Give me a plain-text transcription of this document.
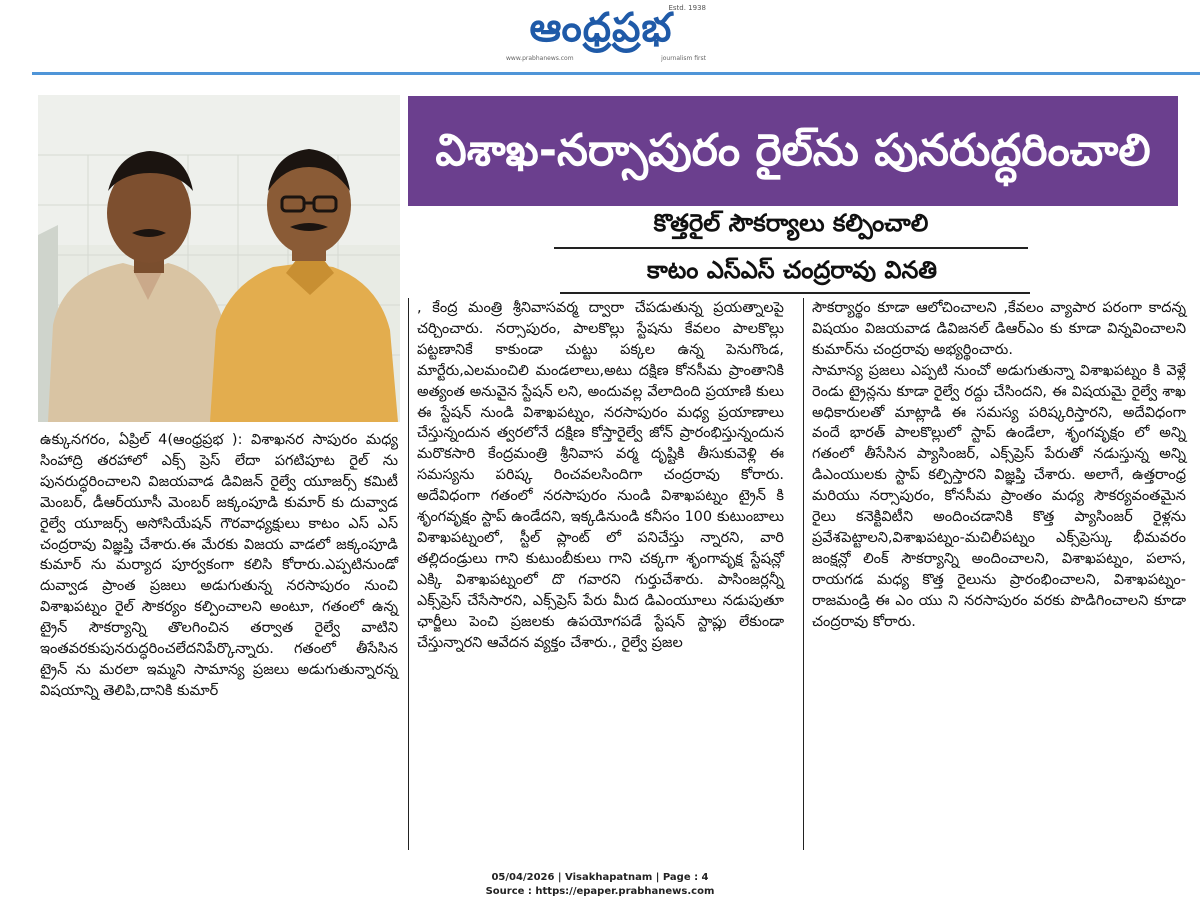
Estd. 1938
ఆంధ్రప్రభ
www.prabhanews.com	journalism first
విశాఖ-నర్సాపురం రైల్‌ను పునరుద్ధరించాలి
కొత్తరైల్ సౌకర్యాలు కల్పించాలి
కాటం ఎస్ఎస్ చంద్రరావు వినతి
ఉక్కునగరం, ఏప్రిల్ 4(ఆంధ్రప్రభ ): విశాఖనర సాపురం మధ్య సింహాద్రి తరహాలో ఎక్స్ ప్రెస్ లేదా పగటిపూట రైల్ ను పునరుద్ధరించాలని విజయవాడ డివిజన్ రైల్వే యూజర్స్ కమిటీ మెంబర్, డీఆర్‌యూసీ మెంబర్ జక్కంపూడి కుమార్ కు దువ్వాడ రైల్వే యూజర్స్ అసోసియేషన్ గౌరవాధ్యక్షులు కాటం ఎస్ ఎస్ చంద్రరావు విజ్ఞప్తి చేశారు.ఈ మేరకు విజయ వాడలో జక్కంపూడి కుమార్ ను మర్యాద పూర్వకంగా కలిసి కోరారు.ఎప్పటినుండో దువ్వాడ ప్రాంత ప్రజలు అడుగుతున్న నరసాపురం నుంచి విశాఖపట్నం రైల్ సౌకర్యం కల్పించాలని అంటూ, గతంలో ఉన్న ట్రైన్ సౌకర్యాన్ని తొలగించిన తర్వాత రైల్వే వాటిని ఇంతవరకుపునరుద్ధరించలేదనిపేర్కొన్నారు. గతంలో తీసేసిన ట్రైన్ ను మరలా ఇమ్మని సామాన్య ప్రజలు అడుగుతున్నారన్న విషయాన్ని తెలిపి,దానికి కుమార్
, కేంద్ర మంత్రి శ్రీనివాసవర్మ ద్వారా చేపడుతున్న ప్రయత్నాలపై చర్చించారు. నర్సాపురం, పాలకొల్లు స్టేషను కేవలం పాలకొల్లు పట్టణానికే కాకుండా చుట్టు పక్కల ఉన్న పెనుగొండ, మార్టేరు,ఎలమంచిలి మండలాలు,అటు దక్షిణ కోనసీమ ప్రాంతానికి అత్యంత అనువైన స్టేషన్ లని, అందువల్ల వేలాదింది ప్రయాణి కులు ఈ స్టేషన్ నుండి విశాఖపట్నం, నరసాపురం మధ్య ప్రయాణాలు చేస్తున్నందున త్వరలోనే దక్షిణ కోస్తారైల్వే జోన్ ప్రారంభిస్తున్నందున మరొకసారి కేంద్రమంత్రి శ్రీనివాస వర్మ దృష్టికి తీసుకువెళ్లి ఈ సమస్యను పరిష్క రించవలసిందిగా చంద్రరావు కోరారు. అదేవిధంగా గతంలో నరసాపురం నుండి విశాఖపట్నం ట్రైన్ కి శృంగవృక్షం స్టాప్ ఉండేదని, ఇక్కడినుండి కనీసం 100 కుటుంబాలు విశాఖపట్నంలో, స్టీల్ ప్లాంట్ లో పనిచేస్తు న్నారని, వారి తల్లిదండ్రులు గాని కుటుంబీకులు గాని చక్కగా శృంగావృక్ష స్టేషన్లో ఎక్కి విశాఖపట్నంలో దొ గవారని గుర్తుచేశారు. పాసింజర్లన్నీ ఎక్స్‌ప్రెస్ చేసేసారని, ఎక్స్‌ప్రెస్ పేరు మీద డిఎంయూలు నడుపుతూ ఛార్జీలు పెంచి ప్రజలకు ఉపయోగపడే స్టేషన్ స్టాప్లు లేకుండా చేస్తున్నారని ఆవేదన వ్యక్తం చేశారు., రైల్వే ప్రజల
సౌకర్యార్థం కూడా ఆలోచించాలని ,కేవలం వ్యాపార పరంగా కాదన్న విషయం విజయవాడ డివిజనల్ డిఆర్ఎం కు కూడా విన్నవించాలని కుమార్‌ను చంద్రరావు అభ్యర్థించారు.
సామాన్య ప్రజలు ఎప్పటి నుంచో అడుగుతున్నా విశాఖపట్నం కి వెళ్లే రెండు ట్రైన్లను కూడా రైల్వే రద్దు చేసిందని, ఈ విషయమై రైల్వే శాఖ అధికారులతో మాట్లాడి ఈ సమస్య పరిష్కరిస్తారని, అదేవిధంగా వందే భారత్ పాలకొల్లులో స్టాప్ ఉండేలా, శృంగవృక్షం లో అన్ని గతంలో తీసేసిన ప్యాసింజర్, ఎక్స్‌ప్రెస్ పేరుతో నడుస్తున్న అన్ని డిఎంయులకు స్టాప్ కల్పిస్తారని విజ్ఞప్తి చేశారు. అలాగే, ఉత్తరాంధ్ర మరియు నర్సాపురం, కోనసీమ ప్రాంతం మధ్య సౌకర్యవంతమైన రైలు కనెక్టివిటీని అందించడానికి కొత్త ప్యాసింజర్ రైళ్లను ప్రవేశపెట్టాలని,విశాఖపట్నం-మచిలీపట్నం ఎక్స్‌ప్రెస్కు భీమవరం జంక్షన్లో లింక్ సౌకర్యాన్ని అందించాలని, విశాఖపట్నం, పలాస, రాయగడ మధ్య కొత్త రైలును ప్రారంభించాలని, విశాఖపట్నం-రాజమండ్రి ఈ ఎం యు ని నరసాపురం వరకు పొడిగించాలని కూడా చంద్రరావు కోరారు.
05/04/2026 | Visakhapatnam | Page : 4
Source : https://epaper.prabhanews.com
